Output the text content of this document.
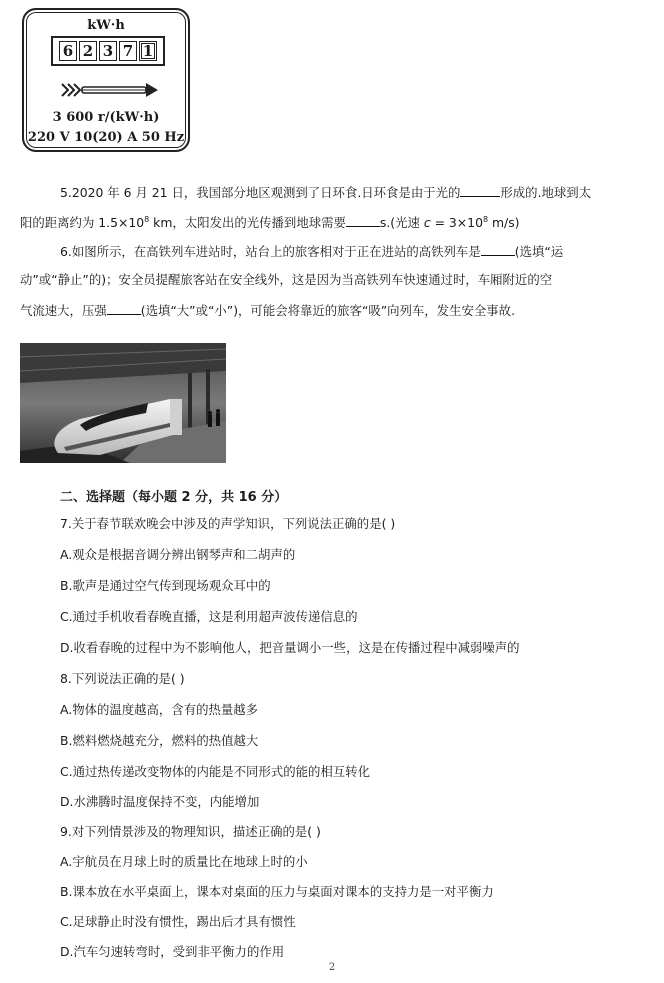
kW·h
6 2 3 7 1
3 600 r/(kW·h)
220 V 10(20) A 50 Hz
5.2020 年 6 月 21 日，我国部分地区观测到了日环食.日环食是由于光的	形成的.地球到太
阳的距离约为 $1.5\times 10^8$ km，太阳发出的光传播到地球需要	s.(光速 $c = 3\times 10^8$ m/s)
6.如图所示，在高铁列车进站时，站台上的旅客相对于正在进站的高铁列车是	(选填“运
动”或“静止”的)；安全员提醒旅客站在安全线外，这是因为当高铁列车快速通过时，车厢附近的空
气流速大，压强	(选填“大”或“小”)，可能会将靠近的旅客“吸”向列车，发生安全事故.
二、选择题（每小题 2 分，共 16 分）
7.关于春节联欢晚会中涉及的声学知识，下列说法正确的是( )
A.观众是根据音调分辨出钢琴声和二胡声的
B.歌声是通过空气传到现场观众耳中的
C.通过手机收看春晚直播，这是利用超声波传递信息的
D.收看春晚的过程中为不影响他人，把音量调小一些，这是在传播过程中减弱噪声的
8.下列说法正确的是( )
A.物体的温度越高，含有的热量越多
B.燃料燃烧越充分，燃料的热值越大
C.通过热传递改变物体的内能是不同形式的能的相互转化
D.水沸腾时温度保持不变，内能增加
9.对下列情景涉及的物理知识，描述正确的是( )
A.宇航员在月球上时的质量比在地球上时的小
B.课本放在水平桌面上，课本对桌面的压力与桌面对课本的支持力是一对平衡力
C.足球静止时没有惯性，踢出后才具有惯性
D.汽车匀速转弯时，受到非平衡力的作用
2
